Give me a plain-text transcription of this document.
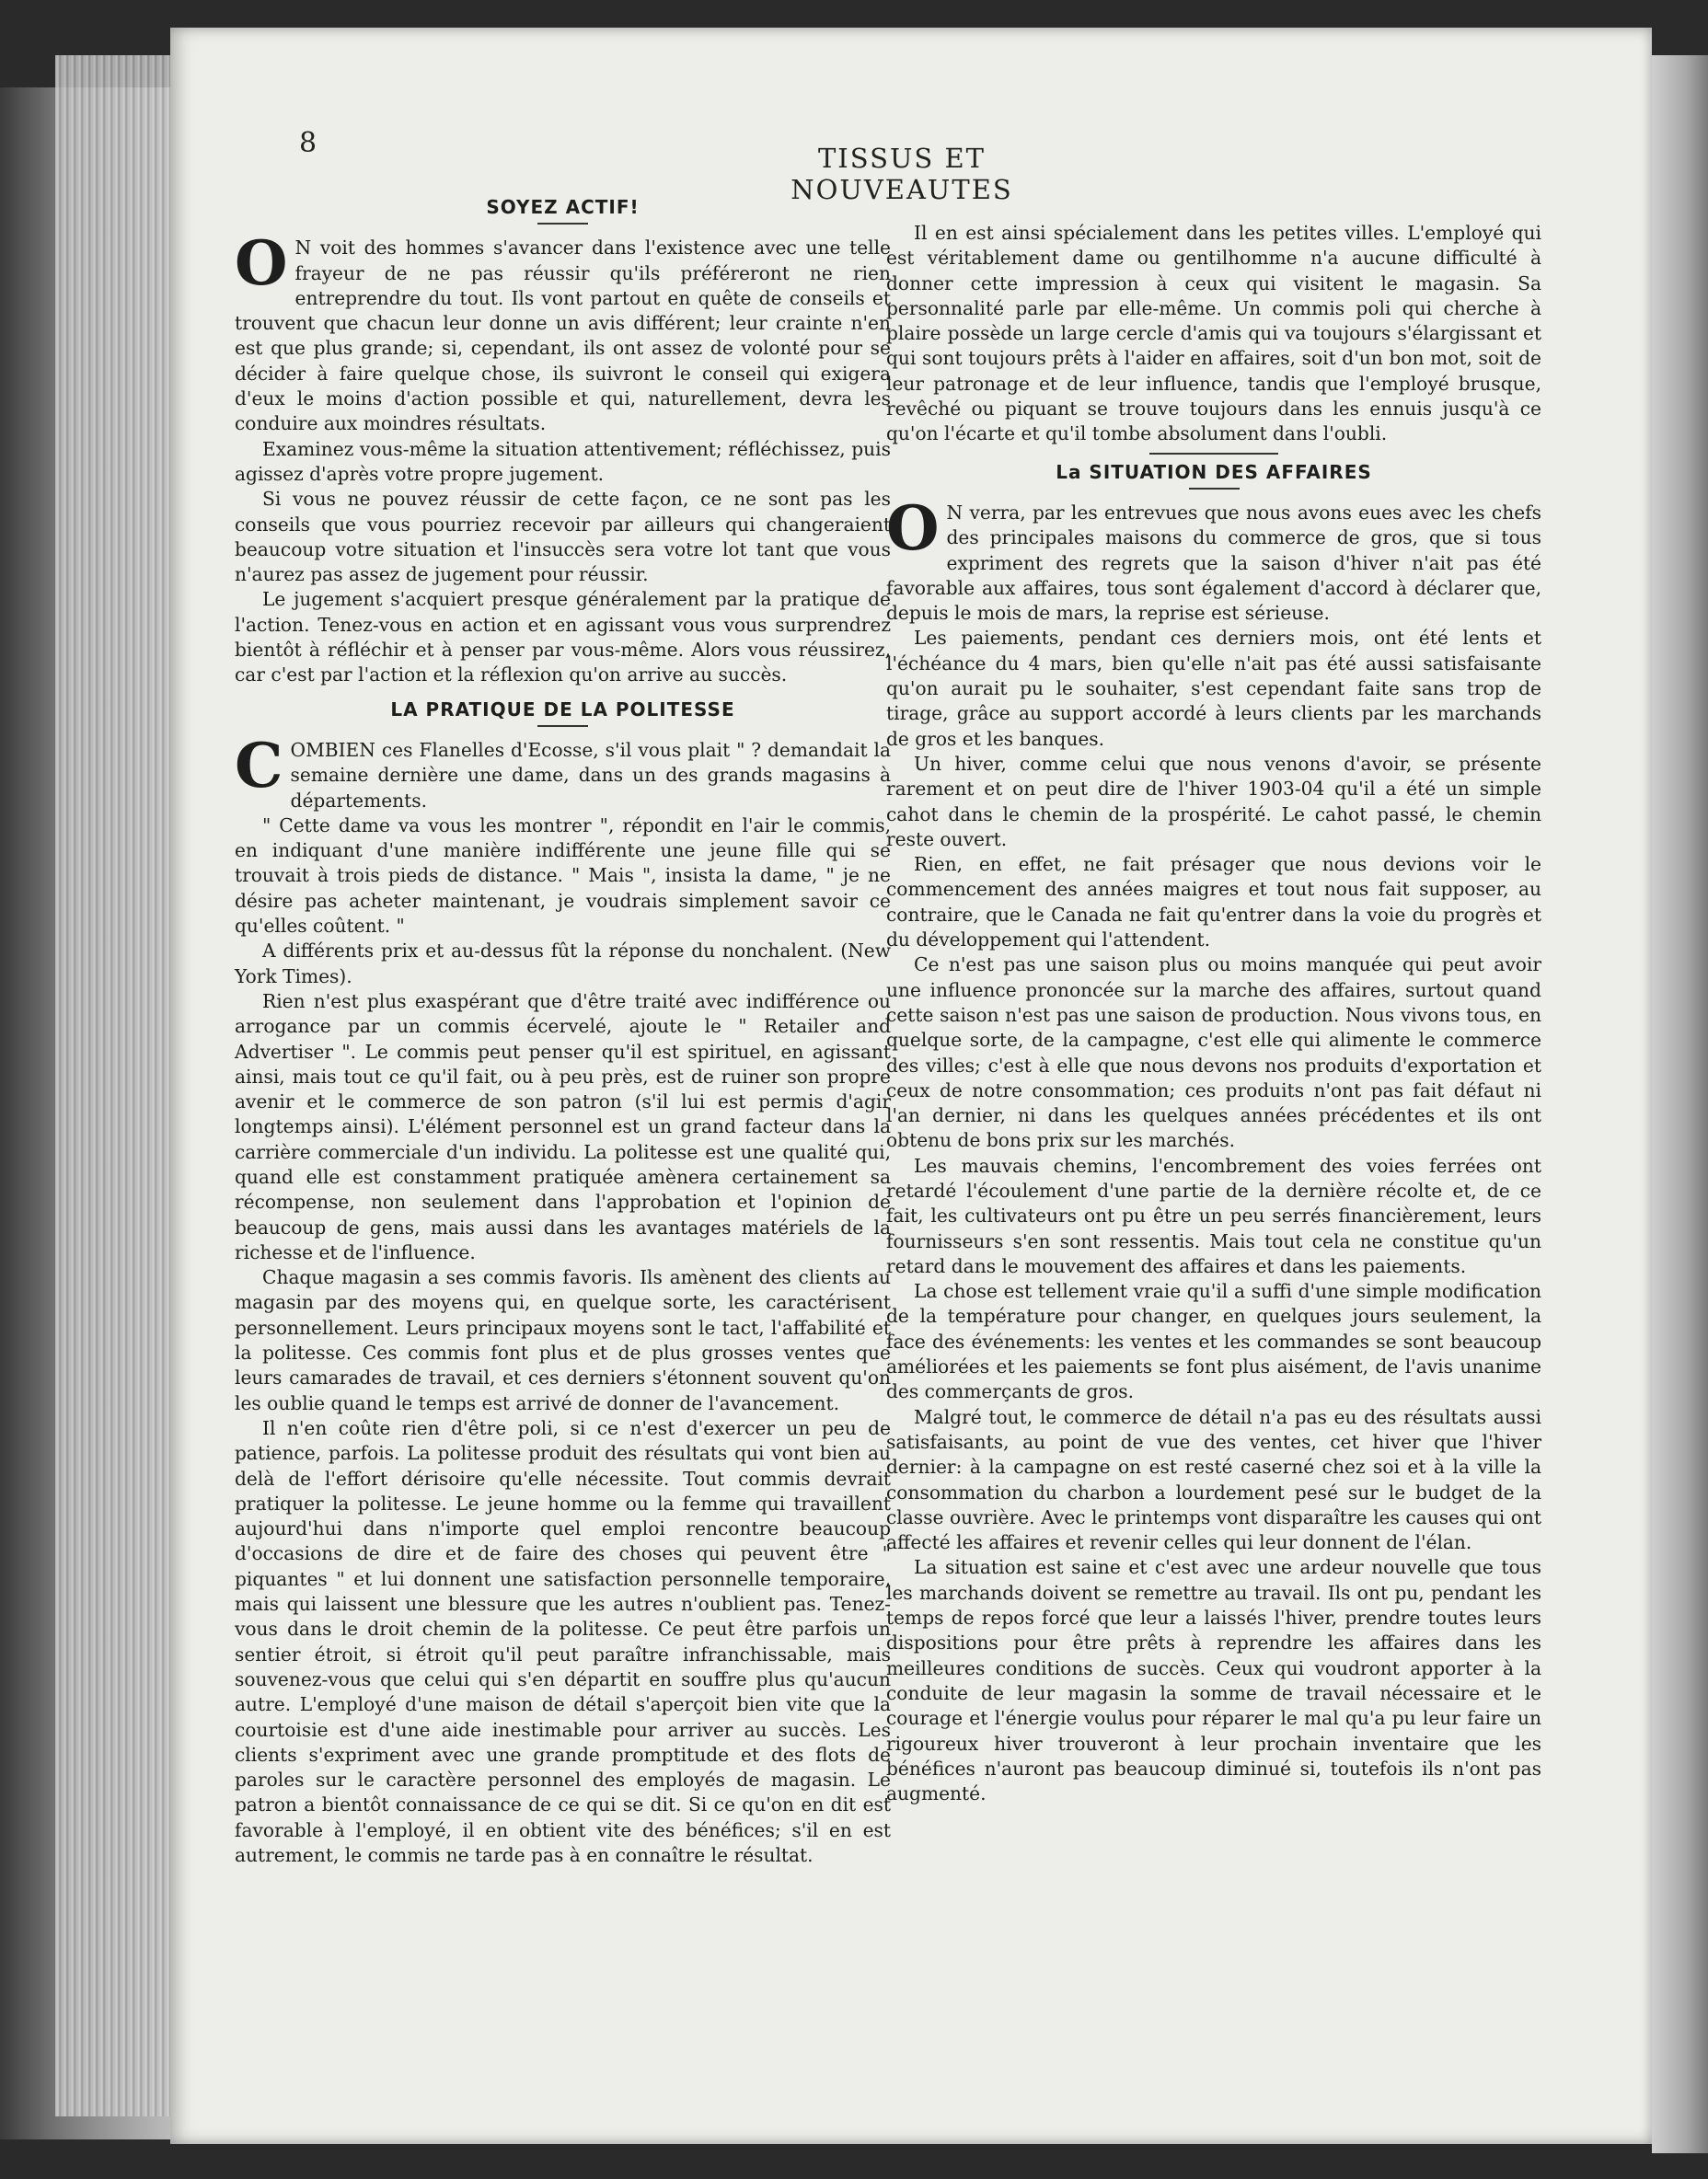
8	TISSUS ET NOUVEAUTES
SOYEZ ACTIF!

O N voit des hommes s'avancer dans l'existence avec une telle frayeur de ne pas réussir qu'ils préféreront ne rien entreprendre du tout. Ils vont partout en quête de conseils et trouvent que chacun leur donne un avis différent; leur crainte n'en est que plus grande; si, cependant, ils ont assez de volonté pour se décider à faire quelque chose, ils suivront le conseil qui exigera d'eux le moins d'action possible et qui, naturellement, devra les conduire aux moindres résultats.

Examinez vous-même la situation attentivement; réfléchissez, puis agissez d'après votre propre jugement.

Si vous ne pouvez réussir de cette façon, ce ne sont pas les conseils que vous pourriez recevoir par ailleurs qui changeraient beaucoup votre situation et l'insuccès sera votre lot tant que vous n'aurez pas assez de jugement pour réussir.

Le jugement s'acquiert presque généralement par la pratique de l'action. Tenez-vous en action et en agissant vous vous surprendrez bientôt à réfléchir et à penser par vous-même. Alors vous réussirez, car c'est par l'action et la réflexion qu'on arrive au succès.

LA PRATIQUE DE LA POLITESSE

COMBIEN ces Flanelles d'Ecosse, s'il vous plait " ? demandait la semaine dernière une dame, dans un des grands magasins à départements.

" Cette dame va vous les montrer ", répondit en l'air le commis, en indiquant d'une manière indifférente une jeune fille qui se trouvait à trois pieds de distance. " Mais ", insista la dame, " je ne désire pas acheter maintenant, je voudrais simplement savoir ce qu'elles coûtent. "

A différents prix et au-dessus fût la réponse du nonchalent. (New York Times).

Rien n'est plus exaspérant que d'être traité avec indifférence ou arrogance par un commis écervelé, ajoute le " Retailer and Advertiser ". Le commis peut penser qu'il est spirituel, en agissant ainsi, mais tout ce qu'il fait, ou à peu près, est de ruiner son propre avenir et le commerce de son patron (s'il lui est permis d'agir longtemps ainsi). L'élément personnel est un grand facteur dans la carrière commerciale d'un individu. La politesse est une qualité qui, quand elle est constamment pratiquée amènera certainement sa récompense, non seulement dans l'approbation et l'opinion de beaucoup de gens, mais aussi dans les avantages matériels de la richesse et de l'influence.

Chaque magasin a ses commis favoris. Ils amènent des clients au magasin par des moyens qui, en quelque sorte, les caractérisent personnellement. Leurs principaux moyens sont le tact, l'affabilité et la politesse. Ces commis font plus et de plus grosses ventes que leurs camarades de travail, et ces derniers s'étonnent souvent qu'on les oublie quand le temps est arrivé de donner de l'avancement.

Il n'en coûte rien d'être poli, si ce n'est d'exercer un peu de patience, parfois. La politesse produit des résultats qui vont bien au delà de l'effort dérisoire qu'elle nécessite. Tout commis devrait pratiquer la politesse. Le jeune homme ou la femme qui travaillent aujourd'hui dans n'importe quel emploi rencontre beaucoup d'occasions de dire et de faire des choses qui peuvent être " piquantes " et lui donnent une satisfaction personnelle temporaire, mais qui laissent une blessure que les autres n'oublient pas. Tenez-vous dans le droit chemin de la politesse. Ce peut être parfois un sentier étroit, si étroit qu'il peut paraître infranchissable, mais souvenez-vous que celui qui s'en départit en souffre plus qu'aucun autre. L'employé d'une maison de détail s'aperçoit bien vite que la courtoisie est d'une aide inestimable pour arriver au succès. Les clients s'expriment avec une grande promptitude et des flots de paroles sur le caractère personnel des employés de magasin. Le patron a bientôt connaissance de ce qui se dit. Si ce qu'on en dit est favorable à l'employé, il en obtient vite des bénéfices; s'il en est autrement, le commis ne tarde pas à en connaître le résultat.

Il en est ainsi spécialement dans les petites villes. L'employé qui est véritablement dame ou gentilhomme n'a aucune difficulté à donner cette impression à ceux qui visitent le magasin. Sa personnalité parle par elle-même. Un commis poli qui cherche à plaire possède un large cercle d'amis qui va toujours s'élargissant et qui sont toujours prêts à l'aider en affaires, soit d'un bon mot, soit de leur patronage et de leur influence, tandis que l'employé brusque, revêché ou piquant se trouve toujours dans les ennuis jusqu'à ce qu'on l'écarte et qu'il tombe absolument dans l'oubli.

La SITUATION DES AFFAIRES

O N verra, par les entrevues que nous avons eues avec les chefs des principales maisons du commerce de gros, que si tous expriment des regrets que la saison d'hiver n'ait pas été favorable aux affaires, tous sont également d'accord à déclarer que, depuis le mois de mars, la reprise est sérieuse.

Les paiements, pendant ces derniers mois, ont été lents et l'échéance du 4 mars, bien qu'elle n'ait pas été aussi satisfaisante qu'on aurait pu le souhaiter, s'est cependant faite sans trop de tirage, grâce au support accordé à leurs clients par les marchands de gros et les banques.

Un hiver, comme celui que nous venons d'avoir, se présente rarement et on peut dire de l'hiver 1903-04 qu'il a été un simple cahot dans le chemin de la prospérité. Le cahot passé, le chemin reste ouvert.

Rien, en effet, ne fait présager que nous devions voir le commencement des années maigres et tout nous fait supposer, au contraire, que le Canada ne fait qu'entrer dans la voie du progrès et du développement qui l'attendent.

Ce n'est pas une saison plus ou moins manquée qui peut avoir une influence prononcée sur la marche des affaires, surtout quand cette saison n'est pas une saison de production. Nous vivons tous, en quelque sorte, de la campagne, c'est elle qui alimente le commerce des villes; c'est à elle que nous devons nos produits d'exportation et ceux de notre consommation; ces produits n'ont pas fait défaut ni l'an dernier, ni dans les quelques années précédentes et ils ont obtenu de bons prix sur les marchés.

Les mauvais chemins, l'encombrement des voies ferrées ont retardé l'écoulement d'une partie de la dernière récolte et, de ce fait, les cultivateurs ont pu être un peu serrés financièrement, leurs fournisseurs s'en sont ressentis. Mais tout cela ne constitue qu'un retard dans le mouvement des affaires et dans les paiements.

La chose est tellement vraie qu'il a suffi d'une simple modification de la température pour changer, en quelques jours seulement, la face des événements: les ventes et les commandes se sont beaucoup améliorées et les paiements se font plus aisément, de l'avis unanime des commerçants de gros.

Malgré tout, le commerce de détail n'a pas eu des résultats aussi satisfaisants, au point de vue des ventes, cet hiver que l'hiver dernier: à la campagne on est resté caserné chez soi et à la ville la consommation du charbon a lourdement pesé sur le budget de la classe ouvrière. Avec le printemps vont disparaître les causes qui ont affecté les affaires et revenir celles qui leur donnent de l'élan.

La situation est saine et c'est avec une ardeur nouvelle que tous les marchands doivent se remettre au travail. Ils ont pu, pendant les temps de repos forcé que leur a laissés l'hiver, prendre toutes leurs dispositions pour être prêts à reprendre les affaires dans les meilleures conditions de succès. Ceux qui voudront apporter à la conduite de leur magasin la somme de travail nécessaire et le courage et l'énergie voulus pour réparer le mal qu'a pu leur faire un rigoureux hiver trouveront à leur prochain inventaire que les bénéfices n'auront pas beaucoup diminué si, toutefois ils n'ont pas augmenté.
